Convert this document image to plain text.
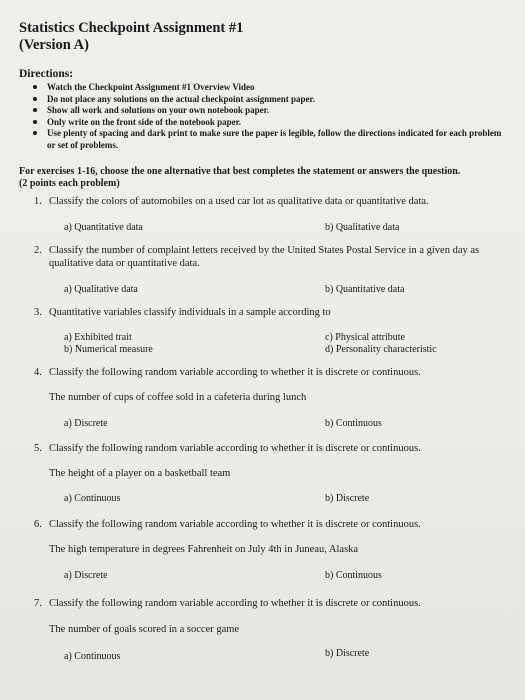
Statistics Checkpoint Assignment #1
(Version A)
Directions:
Watch the Checkpoint Assignment #1 Overview Video
Do not place any solutions on the actual checkpoint assignment paper.
Show all work and solutions on your own notebook paper.
Only write on the front side of the notebook paper.
Use plenty of spacing and dark print to make sure the paper is legible, follow the directions indicated for each problem or set of problems.
For exercises 1-16, choose the one alternative that best completes the statement or answers the question.
(2 points each problem)
1. Classify the colors of automobiles on a used car lot as qualitative data or quantitative data.
a) Quantitative data	b) Qualitative data
2. Classify the number of complaint letters received by the United States Postal Service in a given day as qualitative data or quantitative data.
a) Qualitative data	b) Quantitative data
3. Quantitative variables classify individuals in a sample according to
a) Exhibited trait
b) Numerical measure
c) Physical attribute
d) Personality characteristic
4. Classify the following random variable according to whether it is discrete or continuous.
The number of cups of coffee sold in a cafeteria during lunch
a) Discrete	b) Continuous
5. Classify the following random variable according to whether it is discrete or continuous.
The height of a player on a basketball team
a) Continuous	b) Discrete
6. Classify the following random variable according to whether it is discrete or continuous.
The high temperature in degrees Fahrenheit on July 4th in Juneau, Alaska
a) Discrete	b) Continuous
7. Classify the following random variable according to whether it is discrete or continuous.
The number of goals scored in a soccer game
a) Continuous	b) Discrete
